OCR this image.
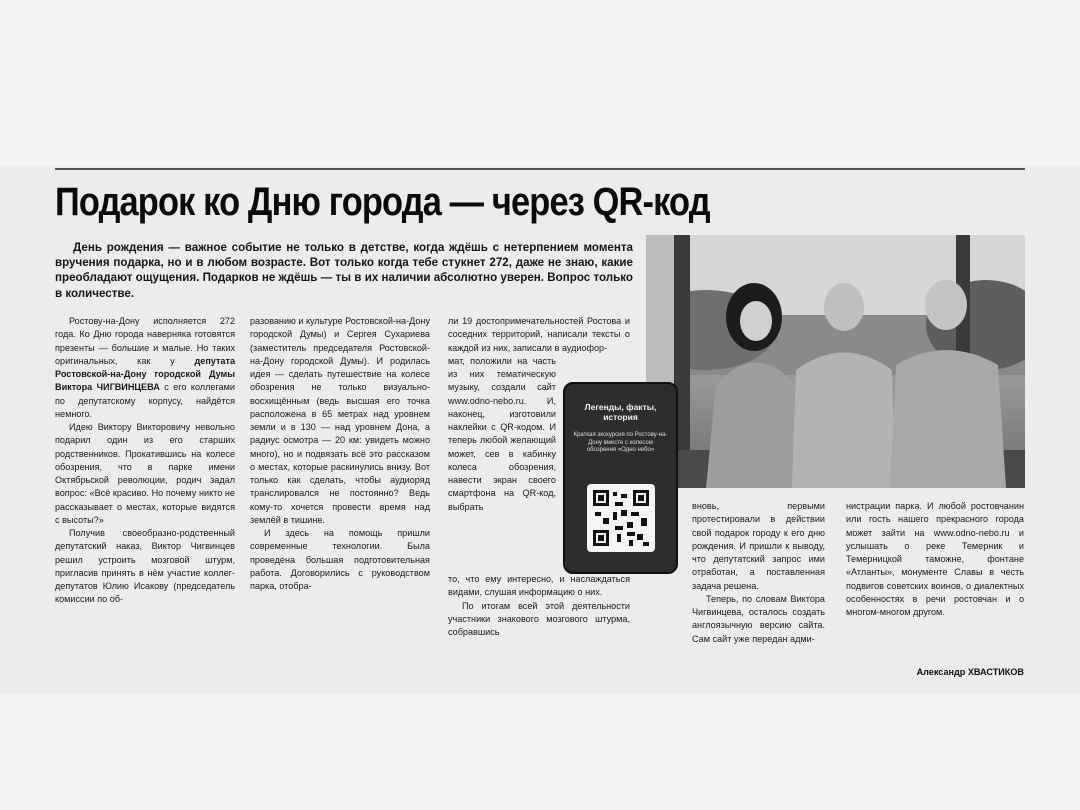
Подарок ко Дню города — через QR-код
День рождения — важное событие не только в детстве, когда ждёшь с нетерпением момента вручения подарка, но и в любом возрасте. Вот только когда тебе стукнет 272, даже не знаю, какие преобладают ощущения. Подарков не ждёшь — ты в их наличии абсолютно уверен. Вопрос только в количестве.
Легенды, факты, история
Краткая экскурсия по Ростову-на-Дону вместе с колесом обозрения «Одно небо»

Ростову-на-Дону исполняется 272 года. Ко Дню города наверняка готовятся презенты — большие и малые. Но таких оригинальных, как у депутата Ростовской-на-Дону городской Думы Виктора ЧИГВИНЦЕВА с его коллегами по депутатскому корпусу, найдётся немного.

Идею Виктору Викторовичу невольно подарил один из его старших родственников. Прокатившись на колесе обозрения, что в парке имени Октябрьской революции, родич задал вопрос: «Всё красиво. Но почему никто не рассказывает о местах, которые видятся с высоты?»

Получив своеобразно-родственный депутатский наказ, Виктор Чигвинцев решил устроить мозговой штурм, пригласив принять в нём участие коллег-депутатов Юлию Исакову (председатель комиссии по об-

разованию и культуре Ростовской-на-Дону городской Думы) и Сергея Сухариева (заместитель председателя Ростовской-на-Дону городской Думы). И родилась идея — сделать путешествие на колесе обозрения не только визуально-восхищённым (ведь высшая его точка расположена в 65 метрах над уровнем земли и в 130 — над уровнем Дона, а радиус осмотра — 20 км: увидеть можно много), но и подвязать всё это рассказом о местах, которые раскинулись внизу. Вот только как сделать, чтобы аудиоряд транслировался не постоянно? Ведь кому-то хочется провести время над землёй в тишине.

И здесь на помощь пришли современные технологии. Была проведена большая подготовительная работа. Договорились с руководством парка, отобра-

ли 19 достопримечательностей Ростова и соседних территорий, написали тексты о каждой из них, записали в аудиофор-

мат, положили на часть из них тематическую музыку, создали сайт www.odno-nebo.ru. И, наконец, изготовили наклейки с QR-кодом. И теперь любой желающий может, сев в кабинку колеса обозрения, навести экран своего смартфона на QR-код, выбрать

то, что ему интересно, и наслаждаться видами, слушая информацию о них.

По итогам всей этой деятельности участники знакового мозгового штурма, собравшись

вновь, первыми протестировали в действии свой подарок городу к его дню рождения. И пришли к выводу, что депутатский запрос ими отработан, а поставленная задача решена.

Теперь, по словам Виктора Чигвинцева, осталось создать англоязычную версию сайта. Сам сайт уже передан адми-

нистрации парка. И любой ростовчанин или гость нашего прекрасного города может зайти на www.odno-nebo.ru и услышать о реке Темерник и Темерницкой таможне, фонтане «Атланты», монументе Славы в честь подвигов советских воинов, о диалектных особенностях в речи ростовчан и о многом-многом другом.

Александр ХВАСТИКОВ
